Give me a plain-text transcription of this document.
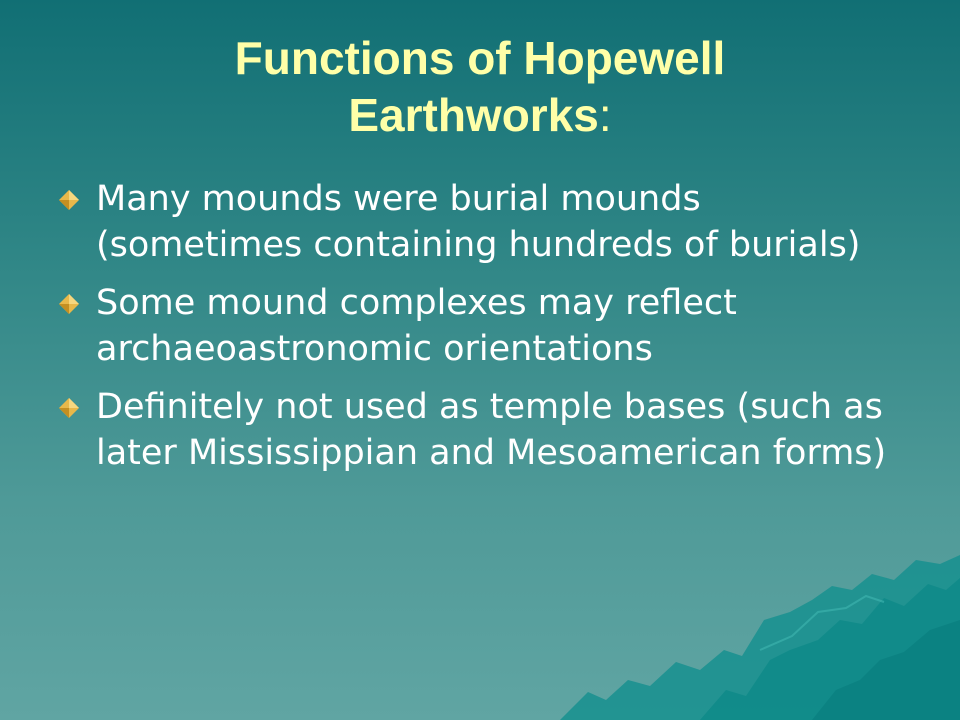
Functions of Hopewell
Earthworks:
Many mounds were burial mounds (sometimes containing hundreds of burials)
Some mound complexes may reflect archaeoastronomic orientations
Definitely not used as temple bases (such as later Mississippian and Mesoamerican forms)
